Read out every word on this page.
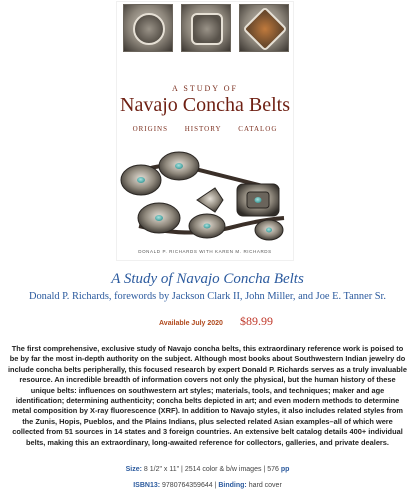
A STUDY OF
Navajo Concha Belts
ORIGINS HISTORY CATALOG
DONALD P. RICHARDS WITH KAREN M. RICHARDS
A Study of Navajo Concha Belts
Donald P. Richards, forewords by Jackson Clark II, John Miller, and Joe E. Tanner Sr.
Available July 2020 $89.99
The first comprehensive, exclusive study of Navajo concha belts, this extraordinary reference work is poised to be by far the most in-depth authority on the subject. Although most books about Southwestern Indian jewelry do include concha belts peripherally, this focused research by expert Donald P. Richards serves as a truly invaluable resource. An incredible breadth of information covers not only the physical, but the human history of these unique belts: influences on southwestern art styles; materials, tools, and techniques; maker and age identification; determining authenticity; concha belts depicted in art; and even modern methods to determine metal composition by X-ray fluorescence (XRF). In addition to Navajo styles, it also includes related styles from the Zunis, Hopis, Pueblos, and the Plains Indians, plus selected related Asian examples–all of which were collected from 51 sources in 14 states and 3 foreign countries. An extensive belt catalog details 400+ individual belts, making this an extraordinary, long-awaited reference for collectors, galleries, and private dealers.
Size: 8 1/2" x 11" | 2514 color & b/w images | 576 pp
ISBN13: 9780764359644 | Binding: hard cover
